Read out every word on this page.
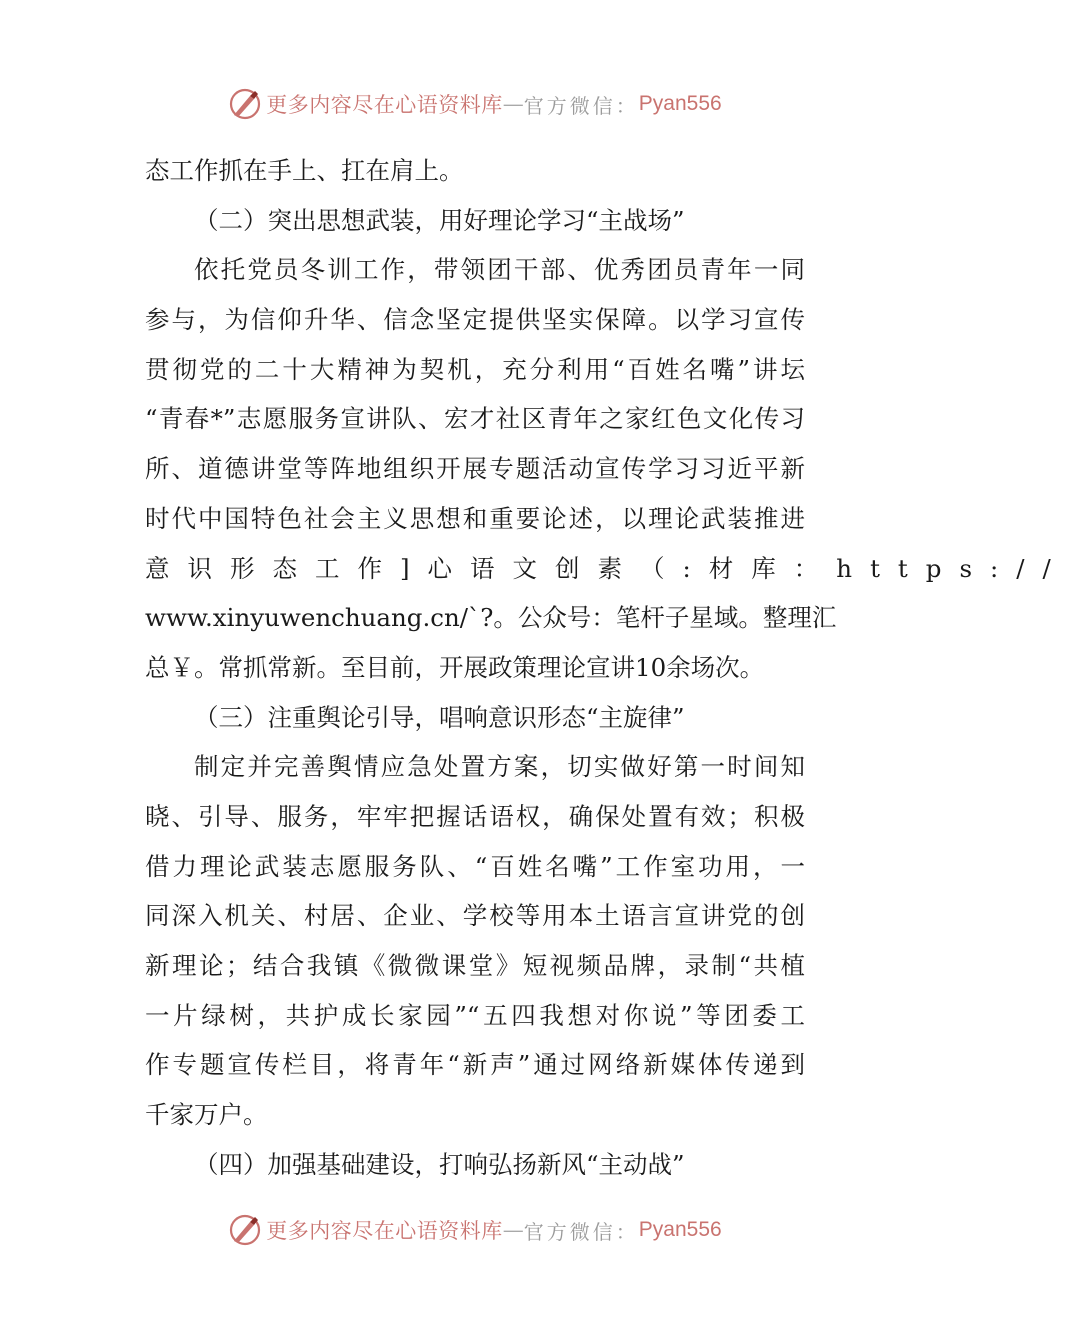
更多内容尽在心语资料库 — 官方微信： Pyan556
态工作抓在手上、扛在肩上。
（二）突出思想武装，用好理论学习“主战场”
依托党员冬训工作，带领团干部、优秀团员青年一同
参与，为信仰升华、信念坚定提供坚实保障。以学习宣传
贯彻党的二十大精神为契机，充分利用“百姓名嘴”讲坛
“青春*”志愿服务宣讲队、宏才社区青年之家红色文化传习
所、道德讲堂等阵地组织开展专题活动宣传学习习近平新
时代中国特色社会主义思想和重要论述，以理论武装推进
意识形态工作]心语文创素（:材库：https://
www.xinyuwenchuang.cn/`?。公众号：笔杆子星域。整理汇
总￥。常抓常新。至目前，开展政策理论宣讲10余场次。
（三）注重舆论引导，唱响意识形态“主旋律”
制定并完善舆情应急处置方案，切实做好第一时间知
晓、引导、服务，牢牢把握话语权，确保处置有效；积极
借力理论武装志愿服务队、“百姓名嘴”工作室功用，一
同深入机关、村居、企业、学校等用本土语言宣讲党的创
新理论；结合我镇《微微课堂》短视频品牌，录制“共植
一片绿树，共护成长家园”“五四我想对你说”等团委工
作专题宣传栏目，将青年“新声”通过网络新媒体传递到
千家万户。
（四）加强基础建设，打响弘扬新风“主动战”
更多内容尽在心语资料库 — 官方微信： Pyan556
